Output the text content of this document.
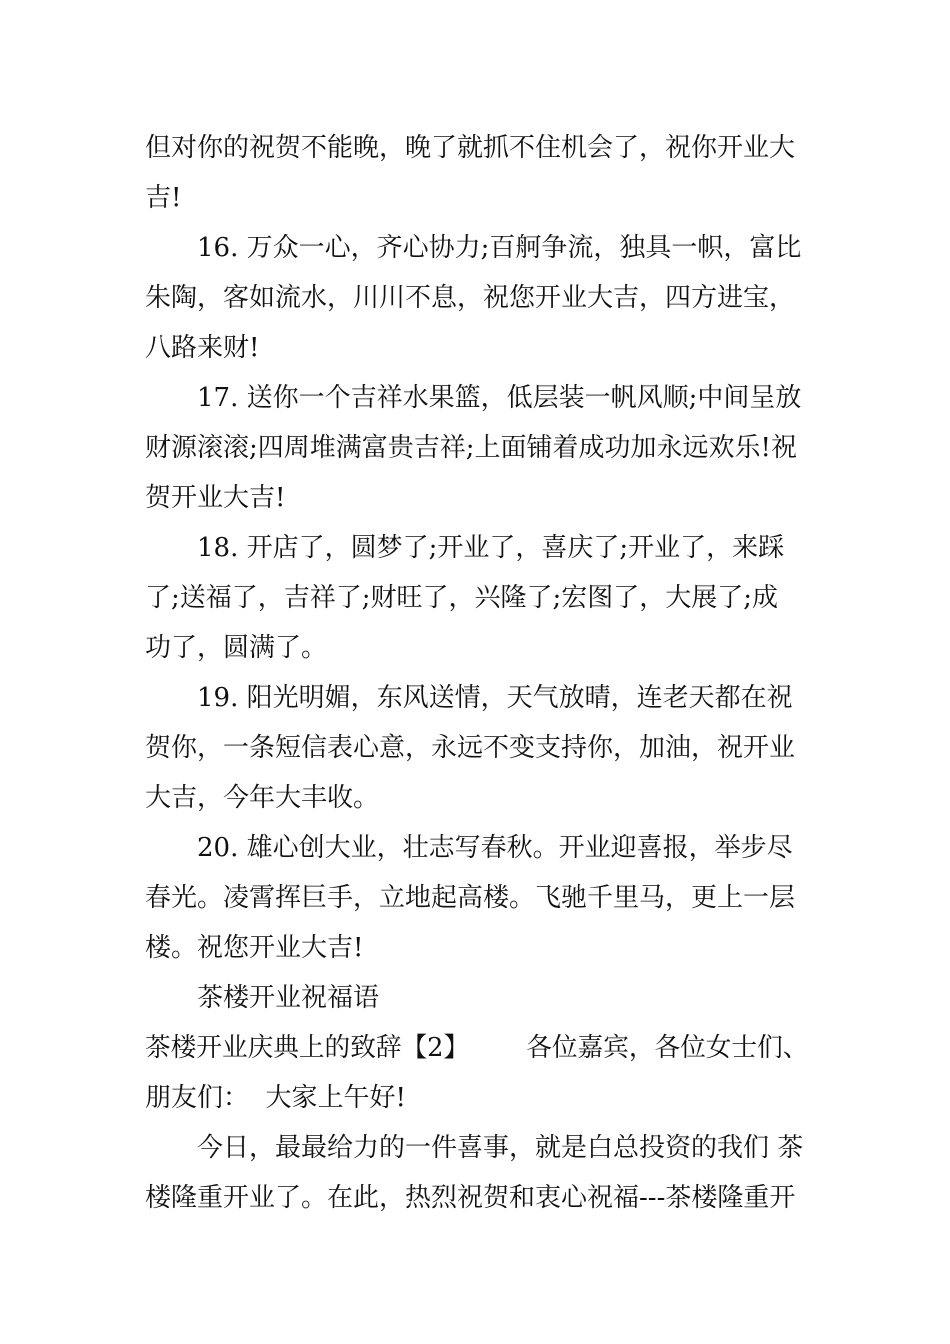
但对你的祝贺不能晚，晚了就抓不住机会了，祝你开业大
吉!
16. 万众一心，齐心协力;百舸争流，独具一帜，富比
朱陶，客如流水，川川不息，祝您开业大吉，四方进宝，
八路来财!
17. 送你一个吉祥水果篮，低层装一帆风顺;中间呈放
财源滚滚;四周堆满富贵吉祥;上面铺着成功加永远欢乐!祝
贺开业大吉!
18. 开店了，圆梦了;开业了，喜庆了;开业了，来踩
了;送福了，吉祥了;财旺了，兴隆了;宏图了，大展了;成
功了，圆满了。
19. 阳光明媚，东风送情，天气放晴，连老天都在祝
贺你，一条短信表心意，永远不变支持你，加油，祝开业
大吉，今年大丰收。
20. 雄心创大业，壮志写春秋。开业迎喜报，举步尽
春光。凌霄挥巨手，立地起高楼。飞驰千里马，更上一层
楼。祝您开业大吉!
茶楼开业祝福语
茶楼开业庆典上的致辞【2】       各位嘉宾，各位女士们、
朋友们：  大家上午好!
今日，最最给力的一件喜事，就是白总投资的我们 茶
楼隆重开业了。在此，热烈祝贺和衷心祝福---茶楼隆重开
